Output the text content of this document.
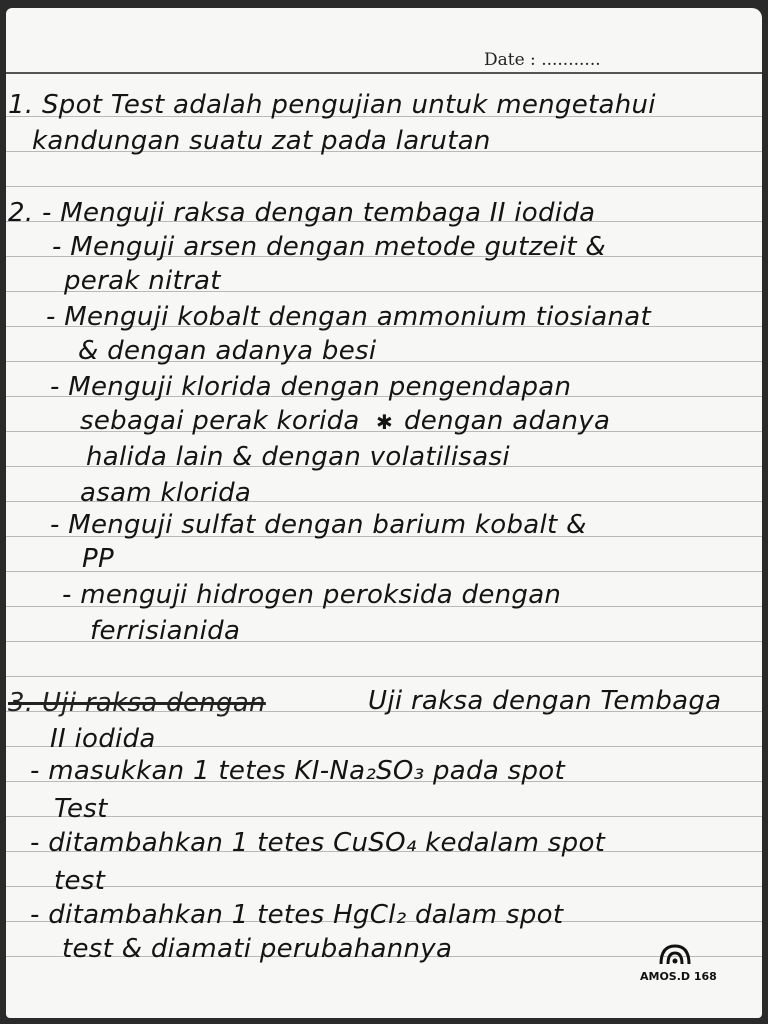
Date : ...........
1. Spot Test adalah pengujian untuk mengetahui
kandungan suatu zat pada larutan
2. - Menguji raksa dengan tembaga II iodida
- Menguji arsen dengan metode gutzeit &
perak nitrat
- Menguji kobalt dengan ammonium tiosianat
& dengan adanya besi
- Menguji klorida dengan pengendapan
sebagai perak korida ✱ dengan adanya
halida lain & dengan volatilisasi
asam klorida
- Menguji sulfat dengan barium kobalt &
PP
- menguji hidrogen peroksida dengan
ferrisianida
3. Uji raksa dengan	Uji raksa dengan Tembaga
II iodida
- masukkan 1 tetes KI-Na₂SO₃ pada spot
Test
- ditambahkan 1 tetes CuSO₄ kedalam spot
test
- ditambahkan 1 tetes HgCl₂ dalam spot
test & diamati perubahannya
AMOS.D 168
